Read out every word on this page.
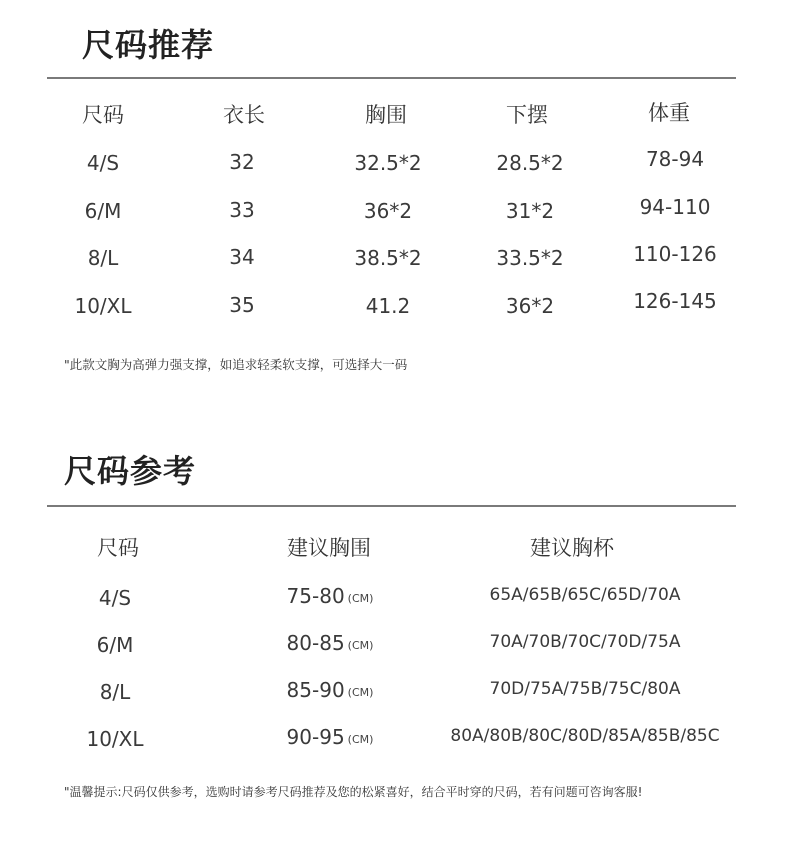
尺码推荐
尺码	衣长	胸围	下摆	体重
4/S	32	32.5*2	28.5*2	78-94
6/M	33	36*2	31*2	94-110
8/L	34	38.5*2	33.5*2	110-126
10/XL	35	41.2	36*2	126-145
"此款文胸为高弹力强支撑，如追求轻柔软支撑，可选择大一码
尺码参考
尺码	建议胸围	建议胸杯
4/S	75-80 (CM)	65A/65B/65C/65D/70A
6/M	80-85 (CM)	70A/70B/70C/70D/75A
8/L	85-90 (CM)	70D/75A/75B/75C/80A
10/XL	90-95 (CM)	80A/80B/80C/80D/85A/85B/85C
"温馨提示:尺码仅供参考，选购时请参考尺码推荐及您的松紧喜好，结合平时穿的尺码，若有问题可咨询客服!
